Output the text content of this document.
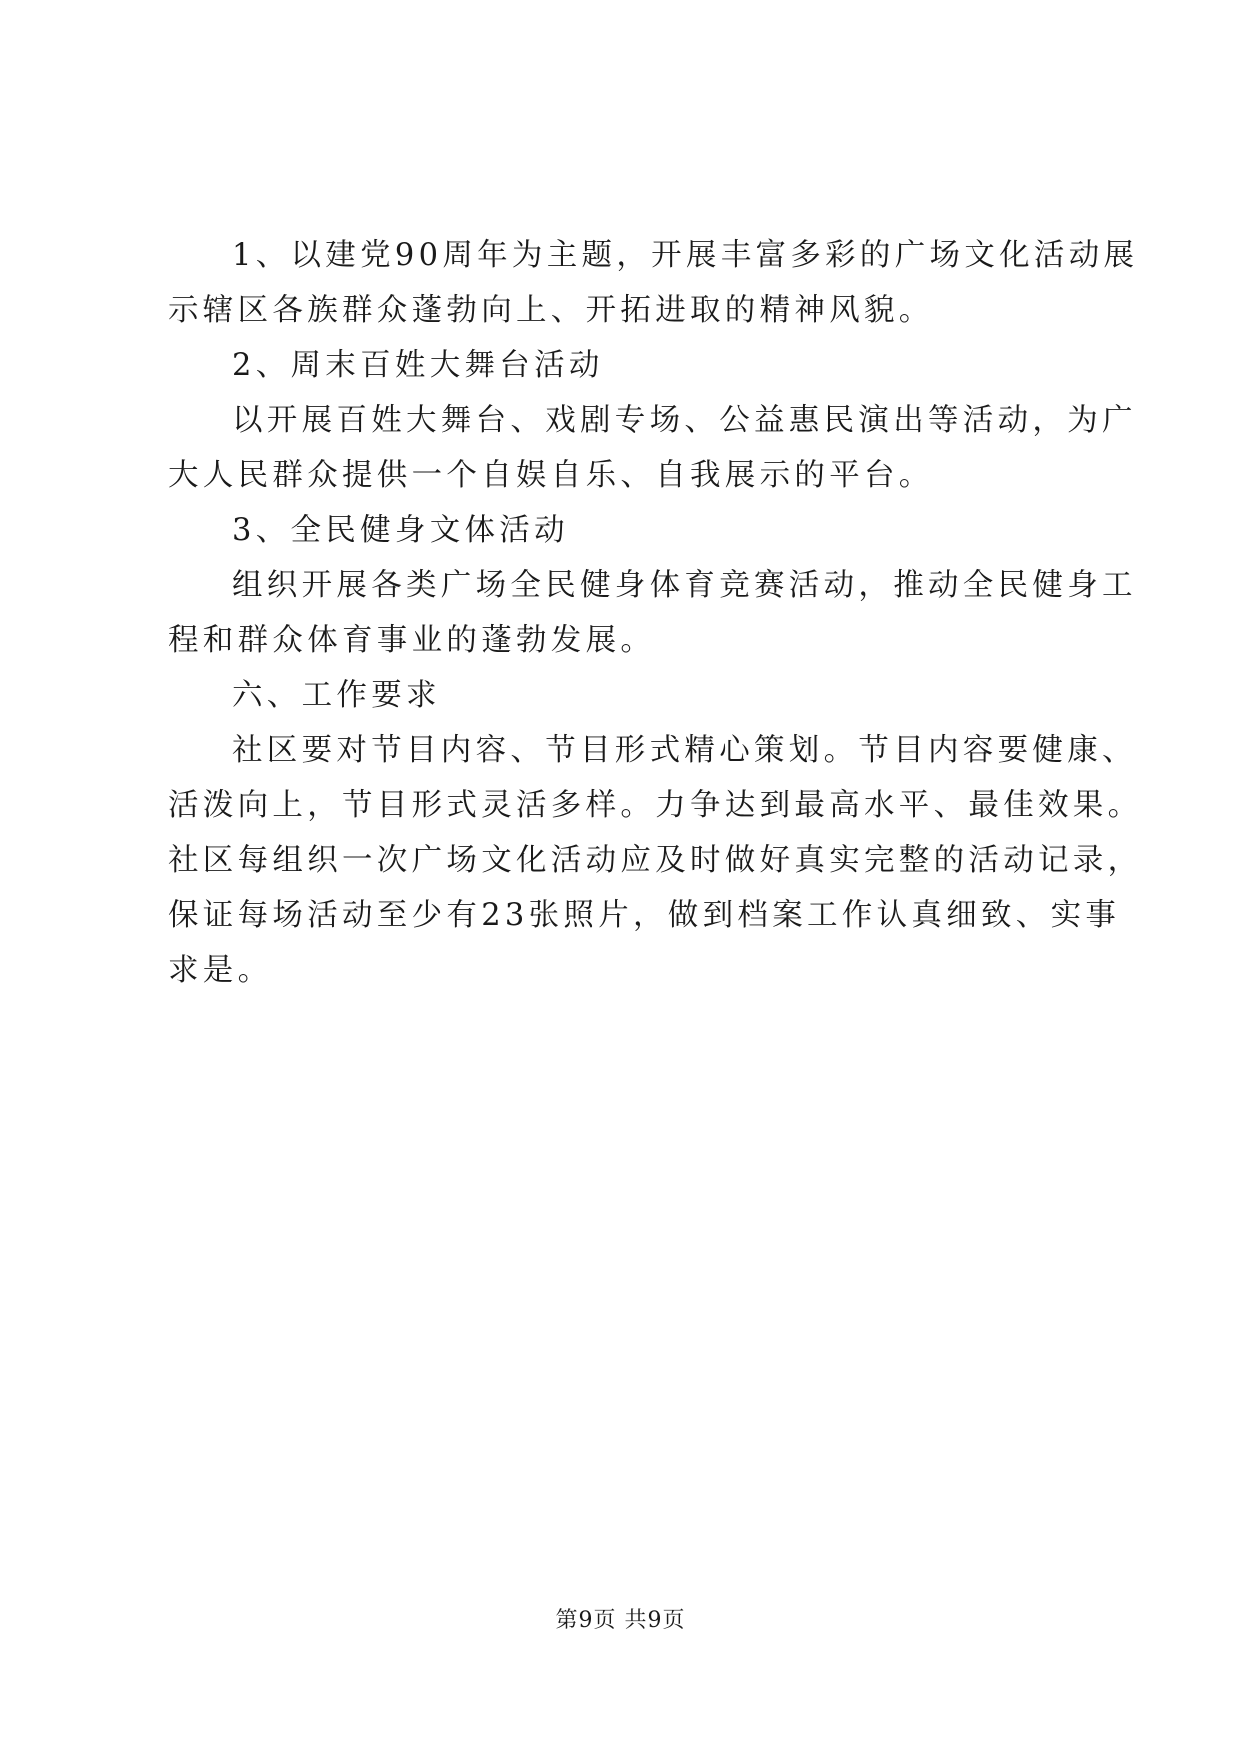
1、以建党90周年为主题，开展丰富多彩的广场文化活动展
示辖区各族群众蓬勃向上、开拓进取的精神风貌。
2、周末百姓大舞台活动
以开展百姓大舞台、戏剧专场、公益惠民演出等活动，为广
大人民群众提供一个自娱自乐、自我展示的平台。
3、全民健身文体活动
组织开展各类广场全民健身体育竞赛活动，推动全民健身工
程和群众体育事业的蓬勃发展。
六、工作要求
社区要对节目内容、节目形式精心策划。节目内容要健康、
活泼向上，节目形式灵活多样。力争达到最高水平、最佳效果。
社区每组织一次广场文化活动应及时做好真实完整的活动记录，
保证每场活动至少有23张照片，做到档案工作认真细致、实事
求是。
第9页 共9页
